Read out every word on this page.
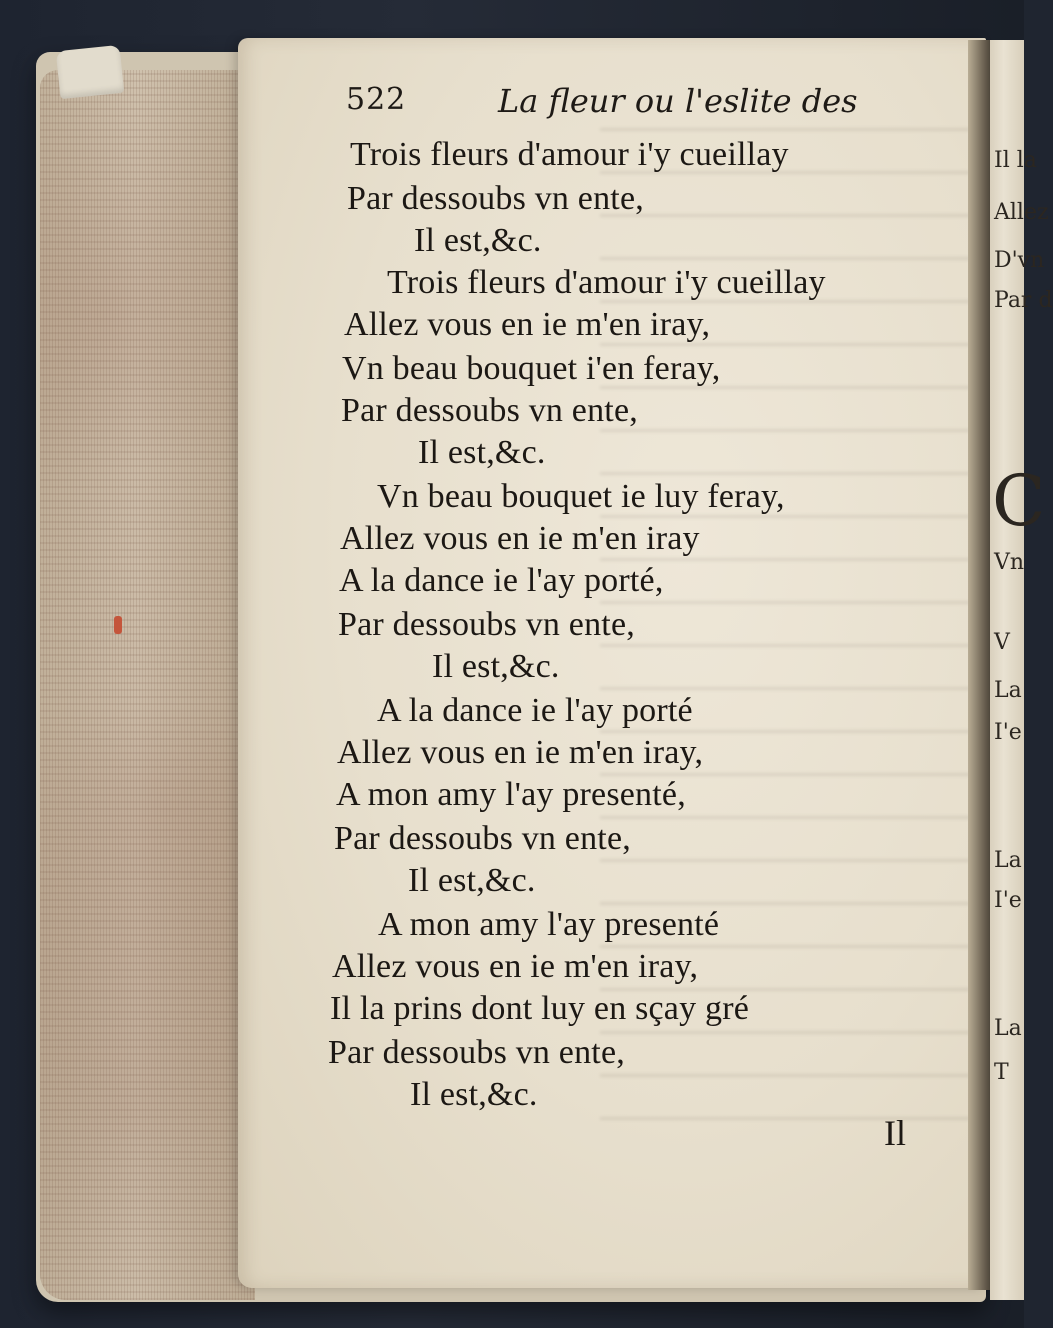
Il la
Allez
D'vn
Par d
C
Vn
V
La
I'e
La
I'e
La
T
522	La fleur ou l'eslite des
Trois fleurs d'amour i'y cueillay
Par dessoubs vn ente,
Il est,&c.
Trois fleurs d'amour i'y cueillay
Allez vous en ie m'en iray,
Vn beau bouquet i'en feray,
Par dessoubs vn ente,
Il est,&c.
Vn beau bouquet ie luy feray,
Allez vous en ie m'en iray
A la dance ie l'ay porté,
Par dessoubs vn ente,
Il est,&c.
A la dance ie l'ay porté
Allez vous en ie m'en iray,
A mon amy l'ay presenté,
Par dessoubs vn ente,
Il est,&c.
A mon amy l'ay presenté
Allez vous en ie m'en iray,
Il la prins dont luy en sçay gré
Par dessoubs vn ente,
Il est,&c.
Il
